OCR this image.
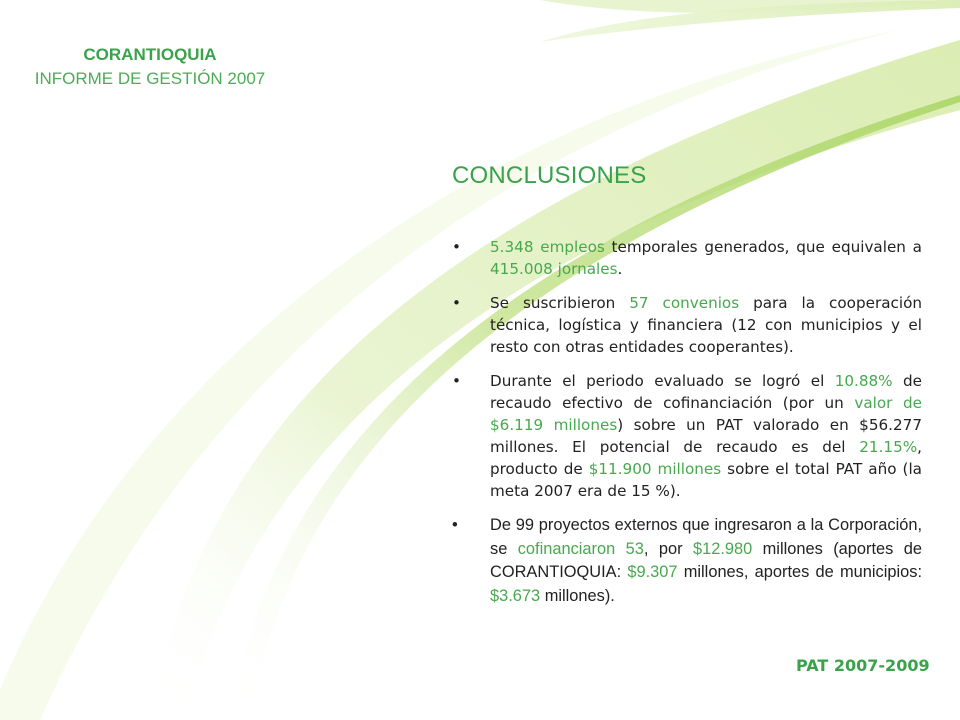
CORANTIOQUIA
INFORME DE GESTIÓN 2007
CONCLUSIONES
• 5.348 empleos temporales generados, que equivalen a 415.008 jornales.
• Se suscribieron 57 convenios para la cooperación técnica, logística y financiera (12 con municipios y el resto con otras entidades cooperantes).
• Durante el periodo evaluado se logró el 10.88% de recaudo efectivo de cofinanciación (por un valor de $6.119 millones) sobre un PAT valorado en $56.277 millones. El potencial de recaudo es del 21.15%, producto de $11.900 millones sobre el total PAT año (la meta 2007 era de 15 %).
• De 99 proyectos externos que ingresaron a la Corporación, se cofinanciaron 53, por $12.980 millones (aportes de CORANTIOQUIA: $9.307 millones, aportes de municipios: $3.673 millones).
PAT 2007-2009
